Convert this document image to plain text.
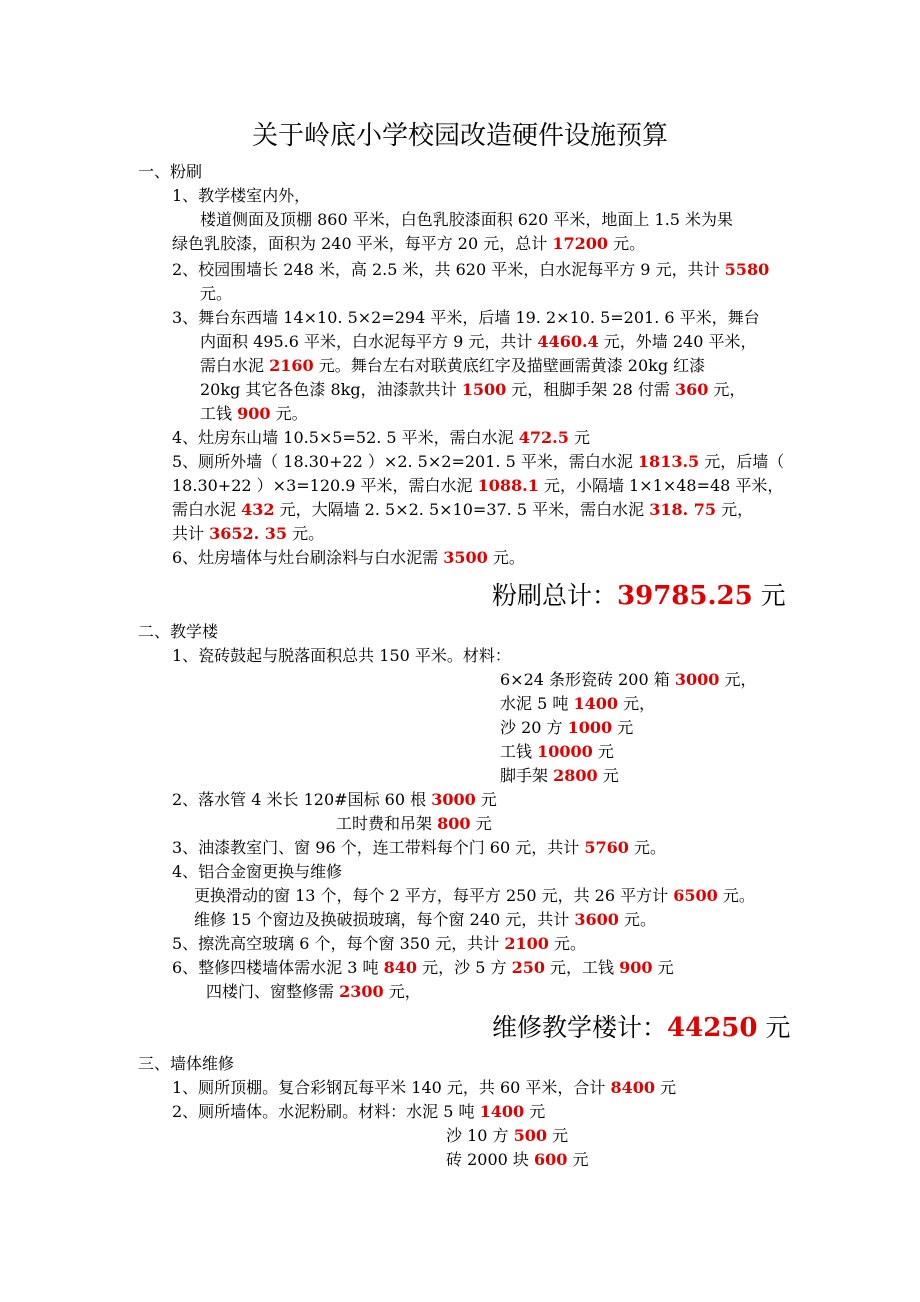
关于岭底小学校园改造硬件设施预算
一、粉刷
1、教学楼室内外，
楼道侧面及顶棚 860 平米，白色乳胶漆面积 620 平米，地面上 1.5 米为果
绿色乳胶漆，面积为 240 平米，每平方 20 元，总计 17200 元。
2、校园围墙长 248 米，高 2.5 米，共 620 平米，白水泥每平方 9 元，共计 5580
元。
3、舞台东西墙 14×10. 5×2=294 平米，后墙 19. 2×10. 5=201. 6 平米，舞台
内面积 495.6 平米，白水泥每平方 9 元，共计 4460.4 元，外墙 240 平米，
需白水泥 2160 元。舞台左右对联黄底红字及描壁画需黄漆 20kg 红漆
20kg 其它各色漆 8kg，油漆款共计 1500 元，租脚手架 28 付需 360 元，
工钱 900 元。
4、灶房东山墙 10.5×5=52. 5 平米，需白水泥 472.5 元
5、厕所外墙（ 18.30+22 ）×2. 5×2=201. 5 平米，需白水泥 1813.5 元，后墙（
18.30+22 ）×3=120.9 平米，需白水泥 1088.1 元，小隔墙 1×1×48=48 平米，
需白水泥 432 元，大隔墙 2. 5×2. 5×10=37. 5 平米，需白水泥 318. 75 元，
共计 3652. 35 元。
6、灶房墙体与灶台刷涂料与白水泥需 3500 元。
粉刷总计：39785.25 元
二、教学楼
1、瓷砖鼓起与脱落面积总共 150 平米。材料：
6×24 条形瓷砖 200 箱 3000 元，
水泥 5 吨 1400 元，
沙 20 方 1000 元
工钱 10000 元
脚手架 2800 元
2、落水管 4 米长 120#国标 60 根 3000 元
工时费和吊架 800 元
3、油漆教室门、窗 96 个，连工带料每个门 60 元，共计 5760 元。
4、铝合金窗更换与维修
更换滑动的窗 13 个，每个 2 平方，每平方 250 元，共 26 平方计 6500 元。
维修 15 个窗边及换破损玻璃，每个窗 240 元，共计 3600 元。
5、擦洗高空玻璃 6 个，每个窗 350 元，共计 2100 元。
6、整修四楼墙体需水泥 3 吨 840 元，沙 5 方 250 元，工钱 900 元
四楼门、窗整修需 2300 元，
维修教学楼计：44250 元
三、墙体维修
1、厕所顶棚。复合彩钢瓦每平米 140 元，共 60 平米，合计 8400 元
2、厕所墙体。水泥粉刷。材料：水泥 5 吨 1400 元
沙 10 方 500 元
砖 2000 块 600 元
